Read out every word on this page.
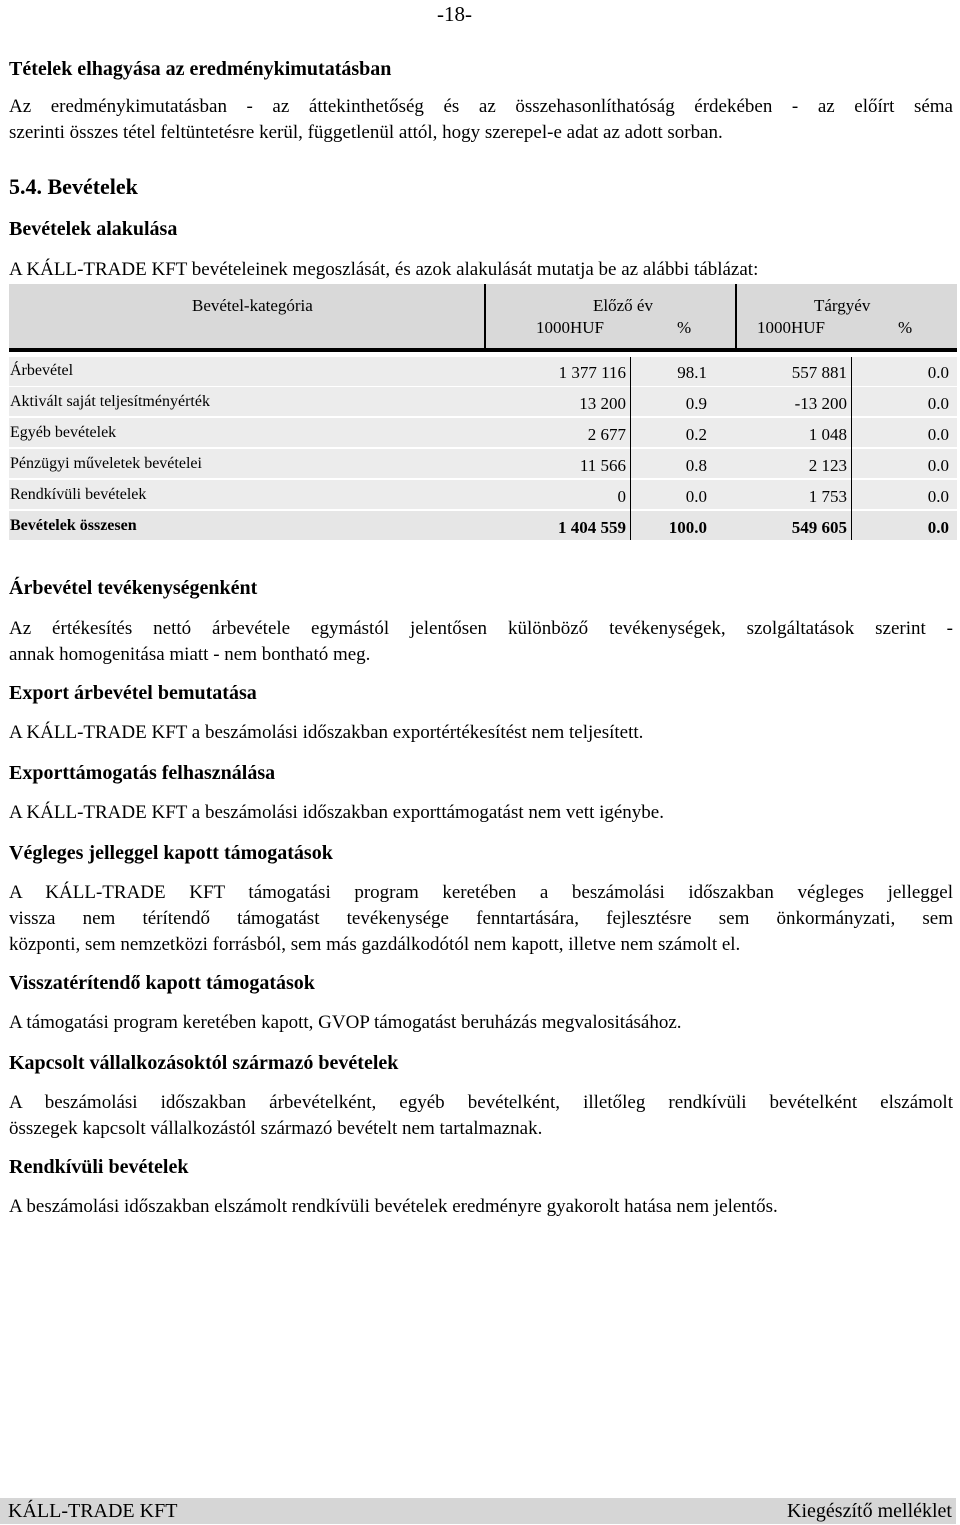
-18-
Tételek elhagyása az eredménykimutatásban
Az eredménykimutatásban - az áttekinthetőség és az összehasonlíthatóság érdekében - az előírt séma
szerinti összes tétel feltüntetésre kerül, függetlenül attól, hogy szerepel-e adat az adott sorban.
5.4. Bevételek
Bevételek alakulása
A KÁLL-TRADE KFT bevételeinek megoszlását, és azok alakulását mutatja be az alábbi táblázat:
Bevétel-kategória	Előző év	Tárgyév
1000HUF	%	1000HUF	%
Árbevétel	1 377 116	98.1	557 881	0.0
Aktivált saját teljesítményérték	13 200	0.9	-13 200	0.0
Egyéb bevételek	2 677	0.2	1 048	0.0
Pénzügyi műveletek bevételei	11 566	0.8	2 123	0.0
Rendkívüli bevételek	0	0.0	1 753	0.0
Bevételek összesen	1 404 559	100.0	549 605	0.0
Árbevétel tevékenységenként
Az értékesítés nettó árbevétele egymástól jelentősen különböző tevékenységek, szolgáltatások szerint -
annak homogenitása miatt - nem bontható meg.
Export árbevétel bemutatása
A KÁLL-TRADE KFT a beszámolási időszakban exportértékesítést nem teljesített.
Exporttámogatás felhasználása
A KÁLL-TRADE KFT a beszámolási időszakban exporttámogatást nem vett igénybe.
Végleges jelleggel kapott támogatások
A KÁLL-TRADE KFT támogatási program keretében a beszámolási időszakban végleges jelleggel
vissza nem térítendő támogatást tevékenysége fenntartására, fejlesztésre sem önkormányzati, sem
központi, sem nemzetközi forrásból, sem más gazdálkodótól nem kapott, illetve nem számolt el.
Visszatérítendő kapott támogatások
A támogatási program keretében kapott, GVOP támogatást beruházás megvalositásához.
Kapcsolt vállalkozásoktól származó bevételek
A beszámolási időszakban árbevételként, egyéb bevételként, illetőleg rendkívüli bevételként elszámolt
összegek kapcsolt vállalkozástól származó bevételt nem tartalmaznak.
Rendkívüli bevételek
A beszámolási időszakban elszámolt rendkívüli bevételek eredményre gyakorolt hatása nem jelentős.
KÁLL-TRADE KFT	Kiegészítő melléklet
